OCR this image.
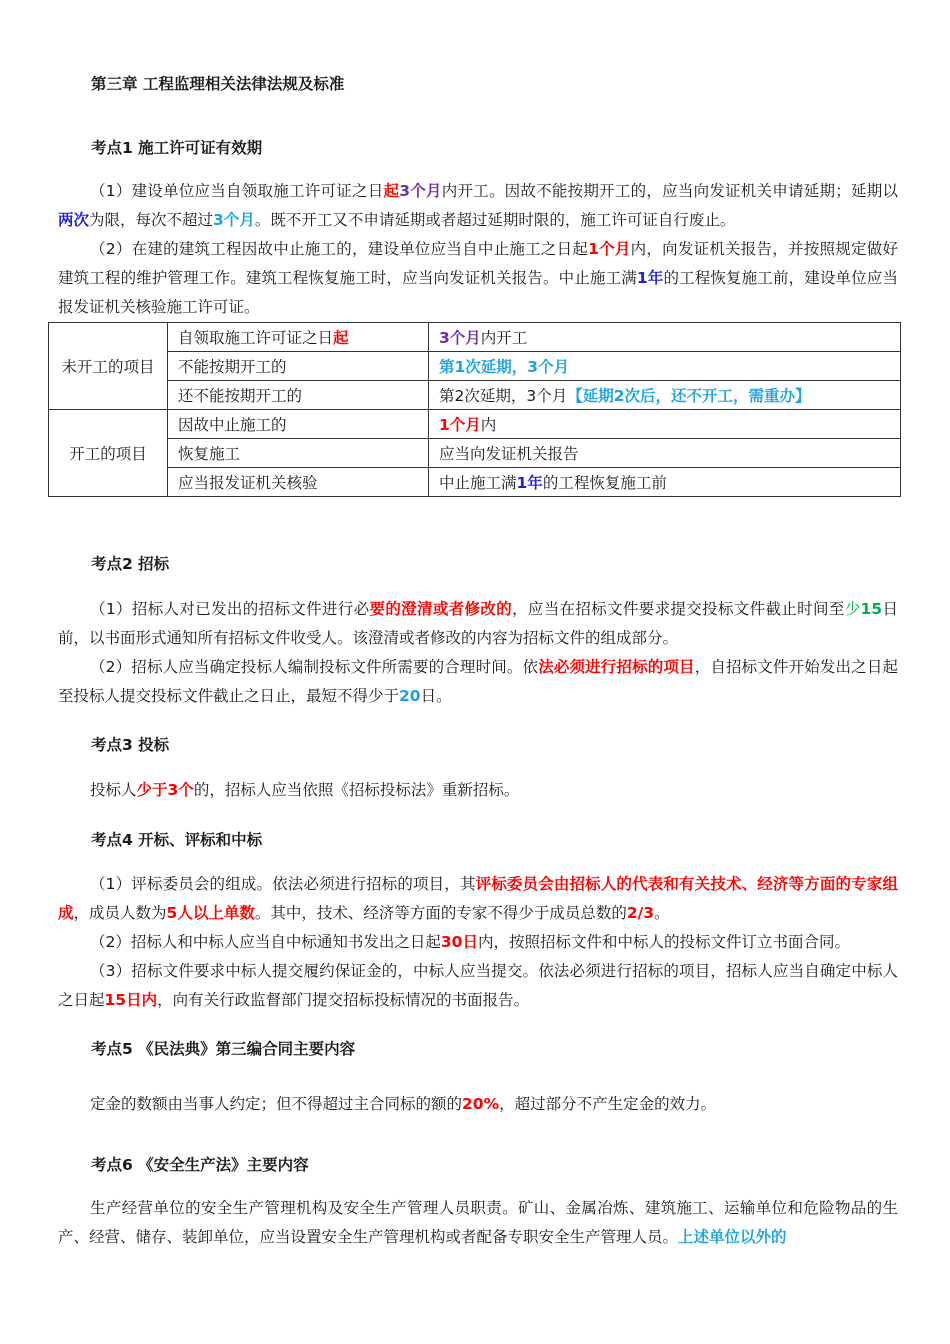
第三章 工程监理相关法律法规及标准
考点1 施工许可证有效期
（1）建设单位应当自领取施工许可证之日起3个月内开工。因故不能按期开工的，应当向发证机关申请延期；延期以两次为限，每次不超过3个月。既不开工又不申请延期或者超过延期时限的，施工许可证自行废止。
（2）在建的建筑工程因故中止施工的，建设单位应当自中止施工之日起1个月内，向发证机关报告，并按照规定做好建筑工程的维护管理工作。建筑工程恢复施工时，应当向发证机关报告。中止施工满1年的工程恢复施工前，建设单位应当报发证机关核验施工许可证。
未开工的项目	自领取施工许可证之日起	3个月内开工
	不能按期开工的	第1次延期，3个月
	还不能按期开工的	第2次延期，3个月【延期2次后，还不开工，需重办】
开工的项目	因故中止施工的	1个月内
	恢复施工	应当向发证机关报告
	应当报发证机关核验	中止施工满1年的工程恢复施工前
考点2 招标
（1）招标人对已发出的招标文件进行必要的澄清或者修改的，应当在招标文件要求提交投标文件截止时间至少15日前，以书面形式通知所有招标文件收受人。该澄清或者修改的内容为招标文件的组成部分。
（2）招标人应当确定投标人编制投标文件所需要的合理时间。依法必须进行招标的项目，自招标文件开始发出之日起至投标人提交投标文件截止之日止，最短不得少于20日。
考点3 投标
投标人少于3个的，招标人应当依照《招标投标法》重新招标。
考点4 开标、评标和中标
（1）评标委员会的组成。依法必须进行招标的项目，其评标委员会由招标人的代表和有关技术、经济等方面的专家组成，成员人数为5人以上单数。其中，技术、经济等方面的专家不得少于成员总数的2/3。
（2）招标人和中标人应当自中标通知书发出之日起30日内，按照招标文件和中标人的投标文件订立书面合同。
（3）招标文件要求中标人提交履约保证金的，中标人应当提交。依法必须进行招标的项目，招标人应当自确定中标人之日起15日内，向有关行政监督部门提交招标投标情况的书面报告。
考点5 《民法典》第三编合同主要内容
定金的数额由当事人约定；但不得超过主合同标的额的20%，超过部分不产生定金的效力。
考点6 《安全生产法》主要内容
生产经营单位的安全生产管理机构及安全生产管理人员职责。矿山、金属冶炼、建筑施工、运输单位和危险物品的生产、经营、储存、装卸单位，应当设置安全生产管理机构或者配备专职安全生产管理人员。上述单位以外的
